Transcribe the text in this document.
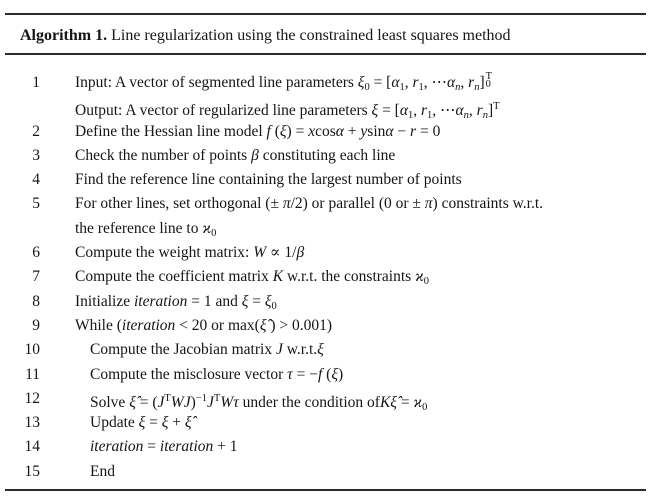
Algorithm 1. Line regularization using the constrained least squares method
1 Input: A vector of segmented line parameters ξ0 = [α1, r1, ⋯αn, rn] T
0
Output: A vector of regularized line parameters ξ = [α1, r1, ⋯αn, rn]$^T$
2 Define the Hessian line model f (ξ) = xcosα + ysinα − r = 0
3 Check the number of points β constituting each line
4 Find the reference line containing the largest number of points
5 For other lines, set orthogonal (± π/2) or parallel (0 or ± π) constraints w.r.t.
the reference line to ϰ0
6 Compute the weight matrix: W ∝ 1/β
7 Compute the coefficient matrix K w.r.t. the constraints ϰ0
8 Initialize iteration = 1 and ξ = ξ0
9 While (iteration < 20 or max(ξ̂ ) > 0.001)
10	Compute the Jacobian matrix J w.r.t.ξ
11	Compute the misclosure vector τ = −f (ξ)
12	Solve ξ̂ = $(J^TWJ)^{-1}J^TW\tau$ under the condition ofKξ̂ = ϰ0
13	Update ξ = ξ + ξ̂
14	iteration = iteration + 1
15	End
